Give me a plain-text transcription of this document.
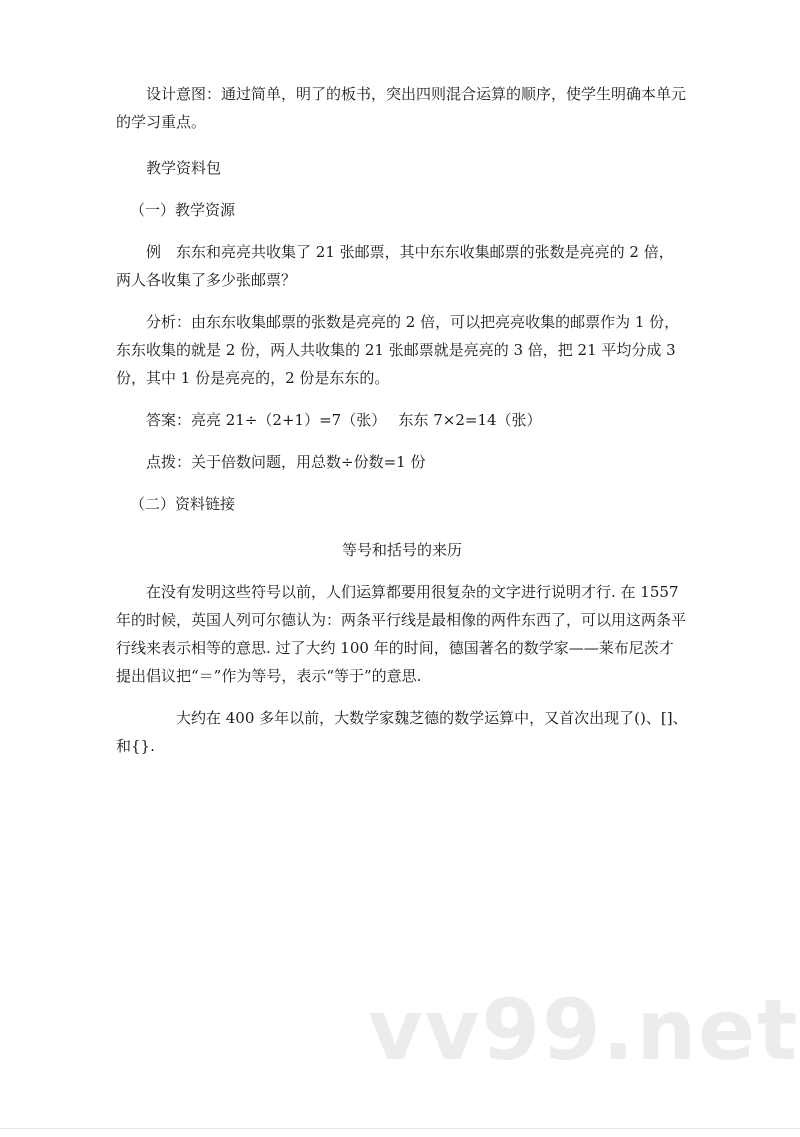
设计意图：通过简单，明了的板书，突出四则混合运算的顺序，使学生明确本单元的学习重点。

教学资料包

（一）教学资源

例　东东和亮亮共收集了 21 张邮票，其中东东收集邮票的张数是亮亮的 2 倍，两人各收集了多少张邮票？

分析：由东东收集邮票的张数是亮亮的 2 倍，可以把亮亮收集的邮票作为 1 份，东东收集的就是 2 份，两人共收集的 21 张邮票就是亮亮的 3 倍，把 21 平均分成 3 份，其中 1 份是亮亮的，2 份是东东的。

答案：亮亮 21÷（2+1）=7（张）　 东东 7×2=14（张）

点拨：关于倍数问题，用总数÷份数=1 份

（二）资料链接

等号和括号的来历

在没有发明这些符号以前，人们运算都要用很复杂的文字进行说明才行. 在 1557 年的时候，英国人列可尔德认为：两条平行线是最相像的两件东西了，可以用这两条平行线来表示相等的意思. 过了大约 100 年的时间，德国著名的数学家——莱布尼茨才提出倡议把“＝”作为等号，表示“等于”的意思.

大约在 400 多年以前，大数学家魏芝德的数学运算中，又首次出现了()、[]、和{}.

vv99.net
